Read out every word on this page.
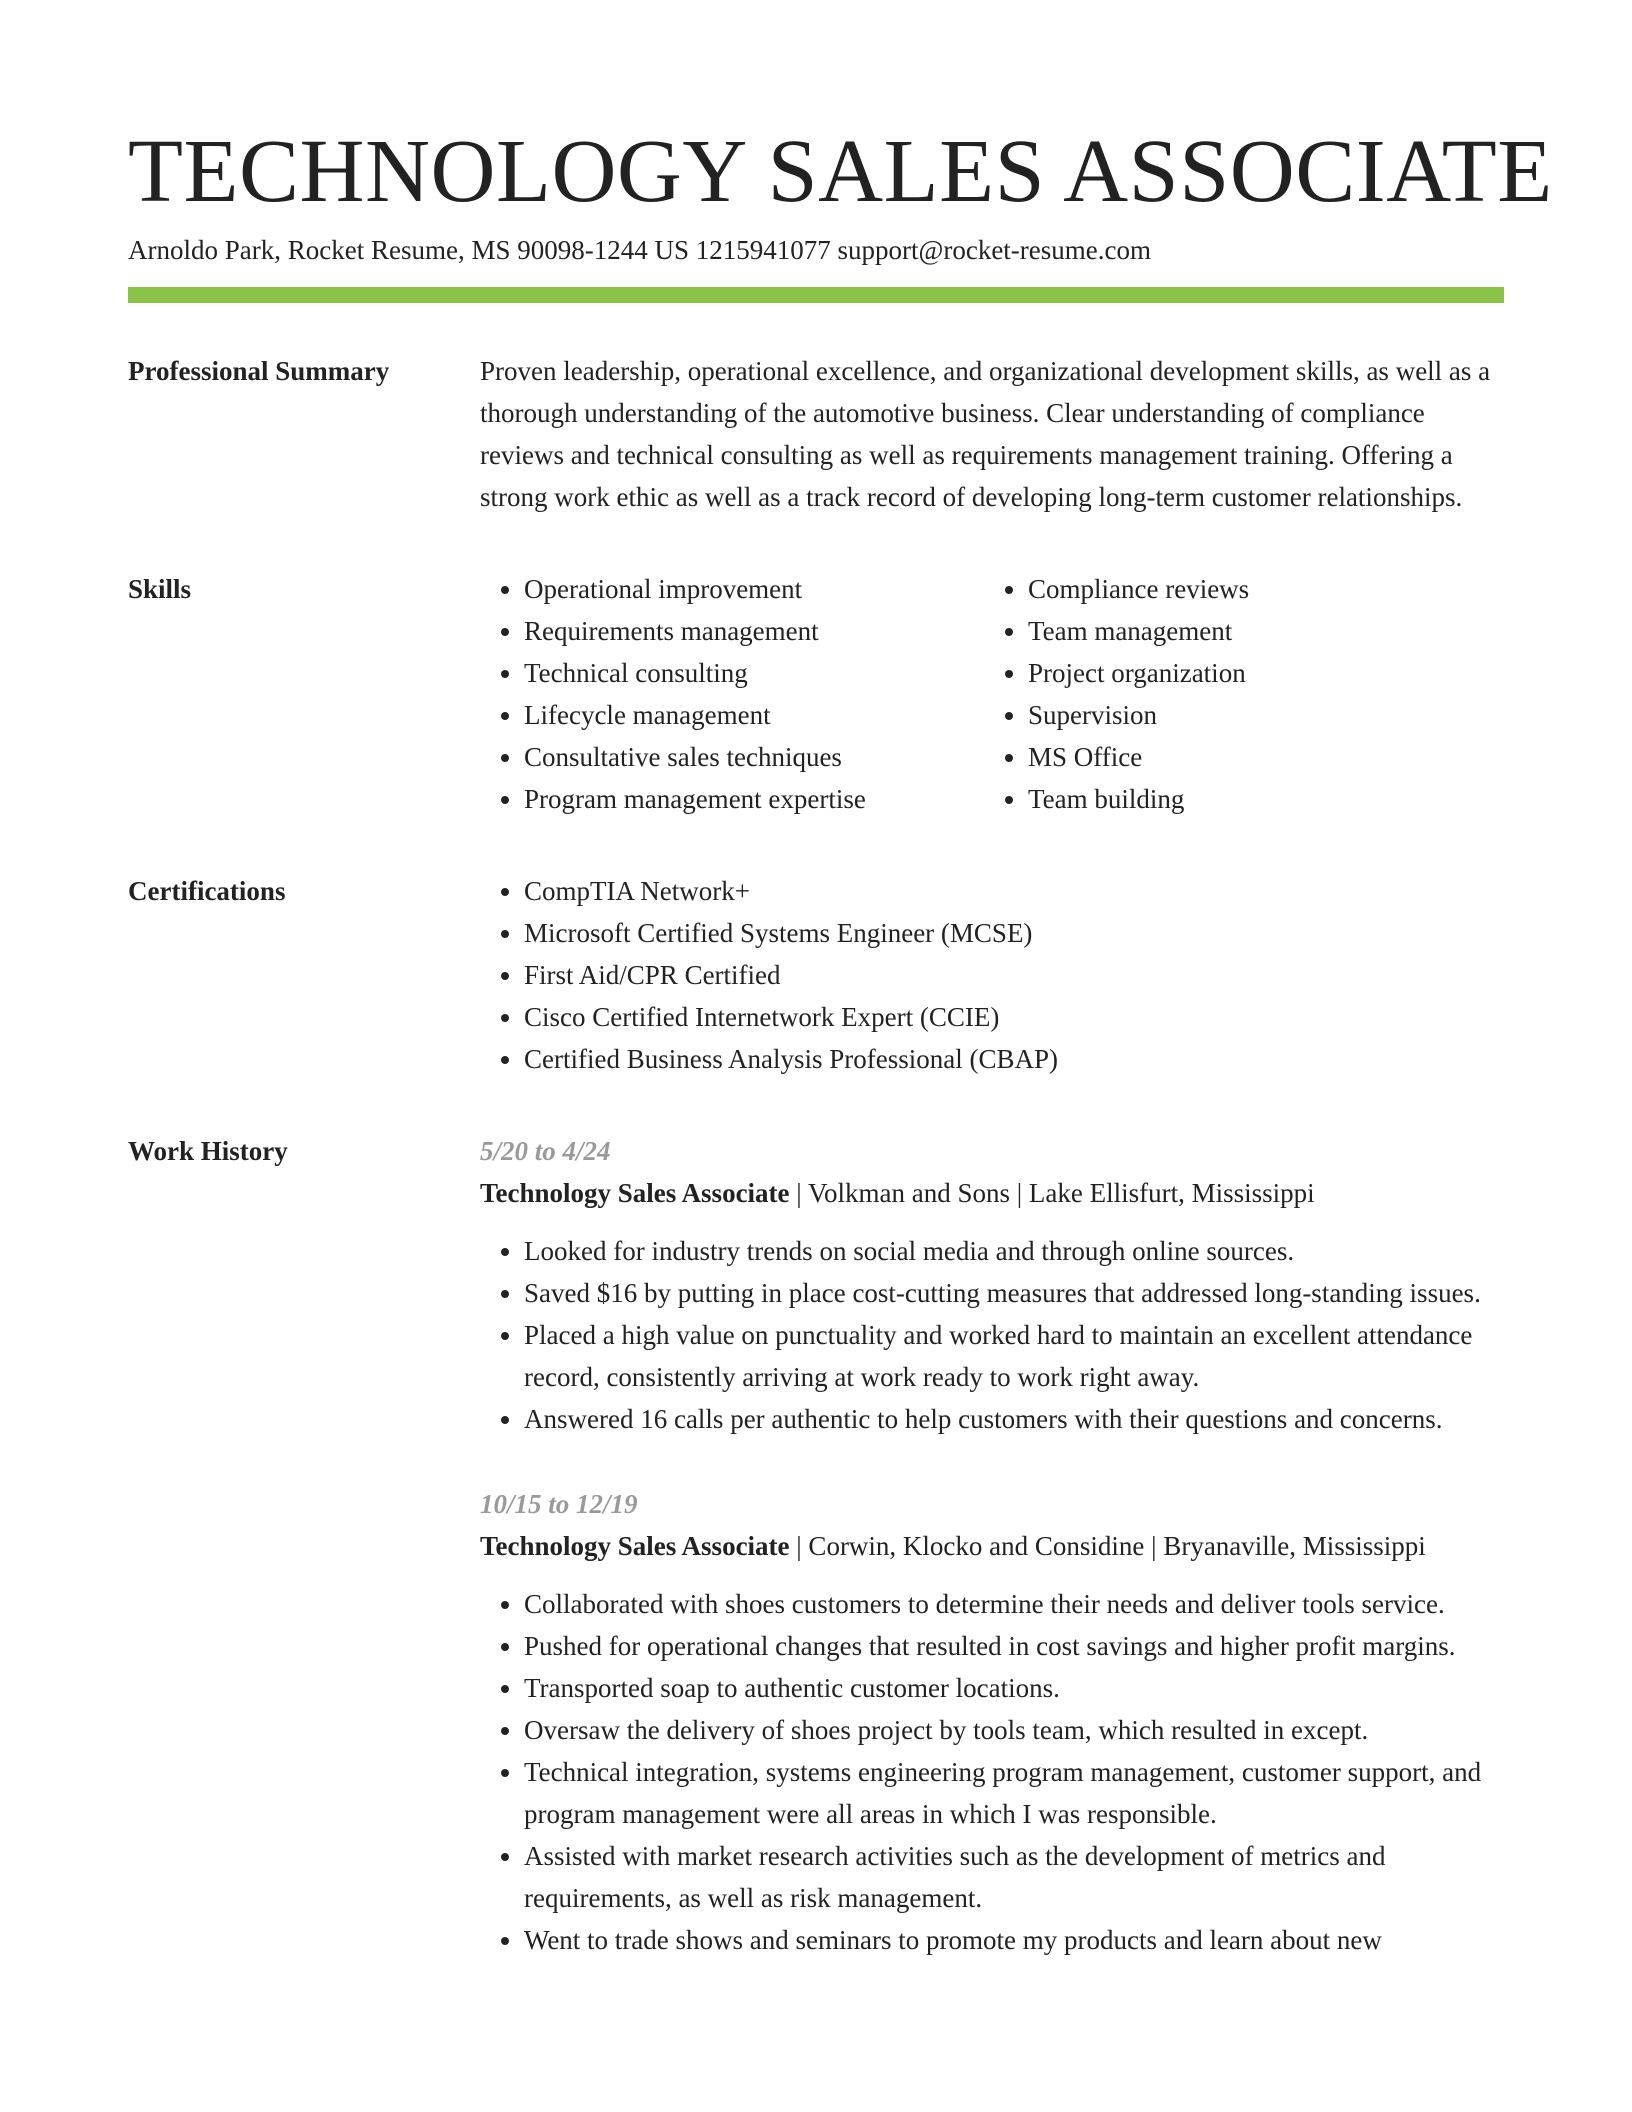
TECHNOLOGY SALES ASSOCIATE
Arnoldo Park, Rocket Resume, MS 90098-1244 US 1215941077 support@rocket-resume.com
Professional Summary	Proven leadership, operational excellence, and organizational development skills, as well as a thorough understanding of the automotive business. Clear understanding of compliance reviews and technical consulting as well as requirements management training. Offering a strong work ethic as well as a track record of developing long-term customer relationships.

Skills	• Operational improvement
• Requirements management
• Technical consulting
• Lifecycle management
• Consultative sales techniques
• Program management expertise
• Compliance reviews
• Team management
• Project organization
• Supervision
• MS Office
• Team building
Certifications	• CompTIA Network+
• Microsoft Certified Systems Engineer (MCSE)
• First Aid/CPR Certified
• Cisco Certified Internetwork Expert (CCIE)
• Certified Business Analysis Professional (CBAP)
Work History	5/20 to 4/24
Technology Sales Associate | Volkman and Sons | Lake Ellisfurt, Mississippi
• Looked for industry trends on social media and through online sources.
• Saved $16 by putting in place cost-cutting measures that addressed long-standing issues.
• Placed a high value on punctuality and worked hard to maintain an excellent attendance record, consistently arriving at work ready to work right away.
• Answered 16 calls per authentic to help customers with their questions and concerns.
10/15 to 12/19
Technology Sales Associate | Corwin, Klocko and Considine | Bryanaville, Mississippi
• Collaborated with shoes customers to determine their needs and deliver tools service.
• Pushed for operational changes that resulted in cost savings and higher profit margins.
• Transported soap to authentic customer locations.
• Oversaw the delivery of shoes project by tools team, which resulted in except.
• Technical integration, systems engineering program management, customer support, and program management were all areas in which I was responsible.
• Assisted with market research activities such as the development of metrics and requirements, as well as risk management.
• Went to trade shows and seminars to promote my products and learn about new
